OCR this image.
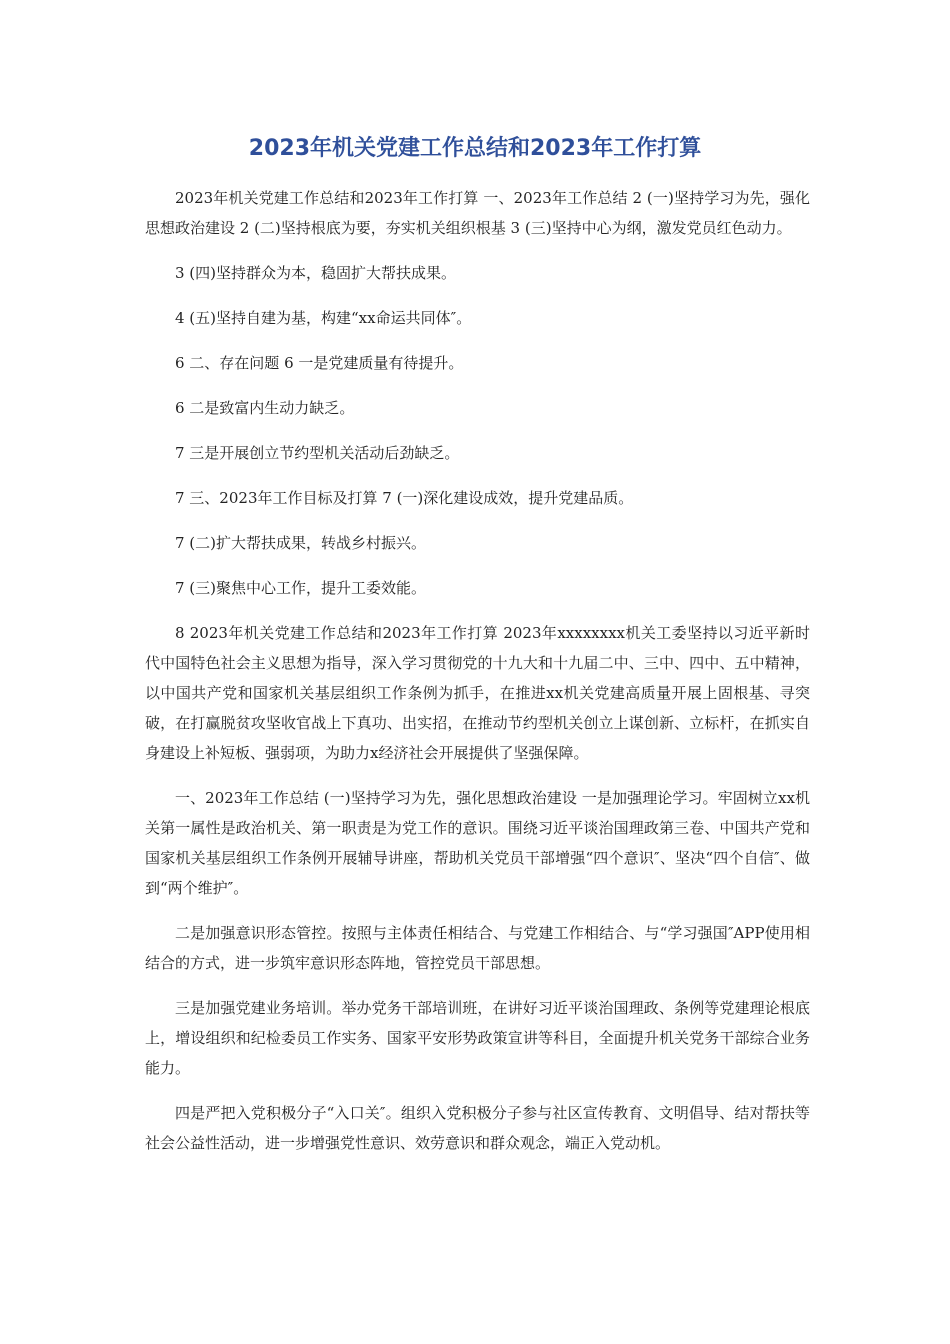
2023年机关党建工作总结和2023年工作打算

2023年机关党建工作总结和2023年工作打算 一、2023年工作总结 2 (一)坚持学习为先，强化思想政治建设 2 (二)坚持根底为要，夯实机关组织根基 3 (三)坚持中心为纲，激发党员红色动力。

3 (四)坚持群众为本，稳固扩大帮扶成果。

4 (五)坚持自建为基，构建“xx命运共同体″。

6 二、存在问题 6 一是党建质量有待提升。

6 二是致富内生动力缺乏。

7 三是开展创立节约型机关活动后劲缺乏。

7 三、2023年工作目标及打算 7 (一)深化建设成效，提升党建品质。

7 (二)扩大帮扶成果，转战乡村振兴。

7 (三)聚焦中心工作，提升工委效能。

8 2023年机关党建工作总结和2023年工作打算 2023年xxxxxxxx机关工委坚持以习近平新时代中国特色社会主义思想为指导，深入学习贯彻党的十九大和十九届二中、三中、四中、五中精神，以中国共产党和国家机关基层组织工作条例为抓手，在推进xx机关党建高质量开展上固根基、寻突破，在打赢脱贫攻坚收官战上下真功、出实招，在推动节约型机关创立上谋创新、立标杆，在抓实自身建设上补短板、强弱项，为助力x经济社会开展提供了坚强保障。

一、2023年工作总结 (一)坚持学习为先，强化思想政治建设 一是加强理论学习。牢固树立xx机关第一属性是政治机关、第一职责是为党工作的意识。围绕习近平谈治国理政第三卷、中国共产党和国家机关基层组织工作条例开展辅导讲座，帮助机关党员干部增强“四个意识″、坚决“四个自信″、做到“两个维护″。

二是加强意识形态管控。按照与主体责任相结合、与党建工作相结合、与“学习强国″APP使用相结合的方式，进一步筑牢意识形态阵地，管控党员干部思想。

三是加强党建业务培训。举办党务干部培训班，在讲好习近平谈治国理政、条例等党建理论根底上，增设组织和纪检委员工作实务、国家平安形势政策宣讲等科目，全面提升机关党务干部综合业务能力。

四是严把入党积极分子“入口关″。组织入党积极分子参与社区宣传教育、文明倡导、结对帮扶等社会公益性活动，进一步增强党性意识、效劳意识和群众观念，端正入党动机。
